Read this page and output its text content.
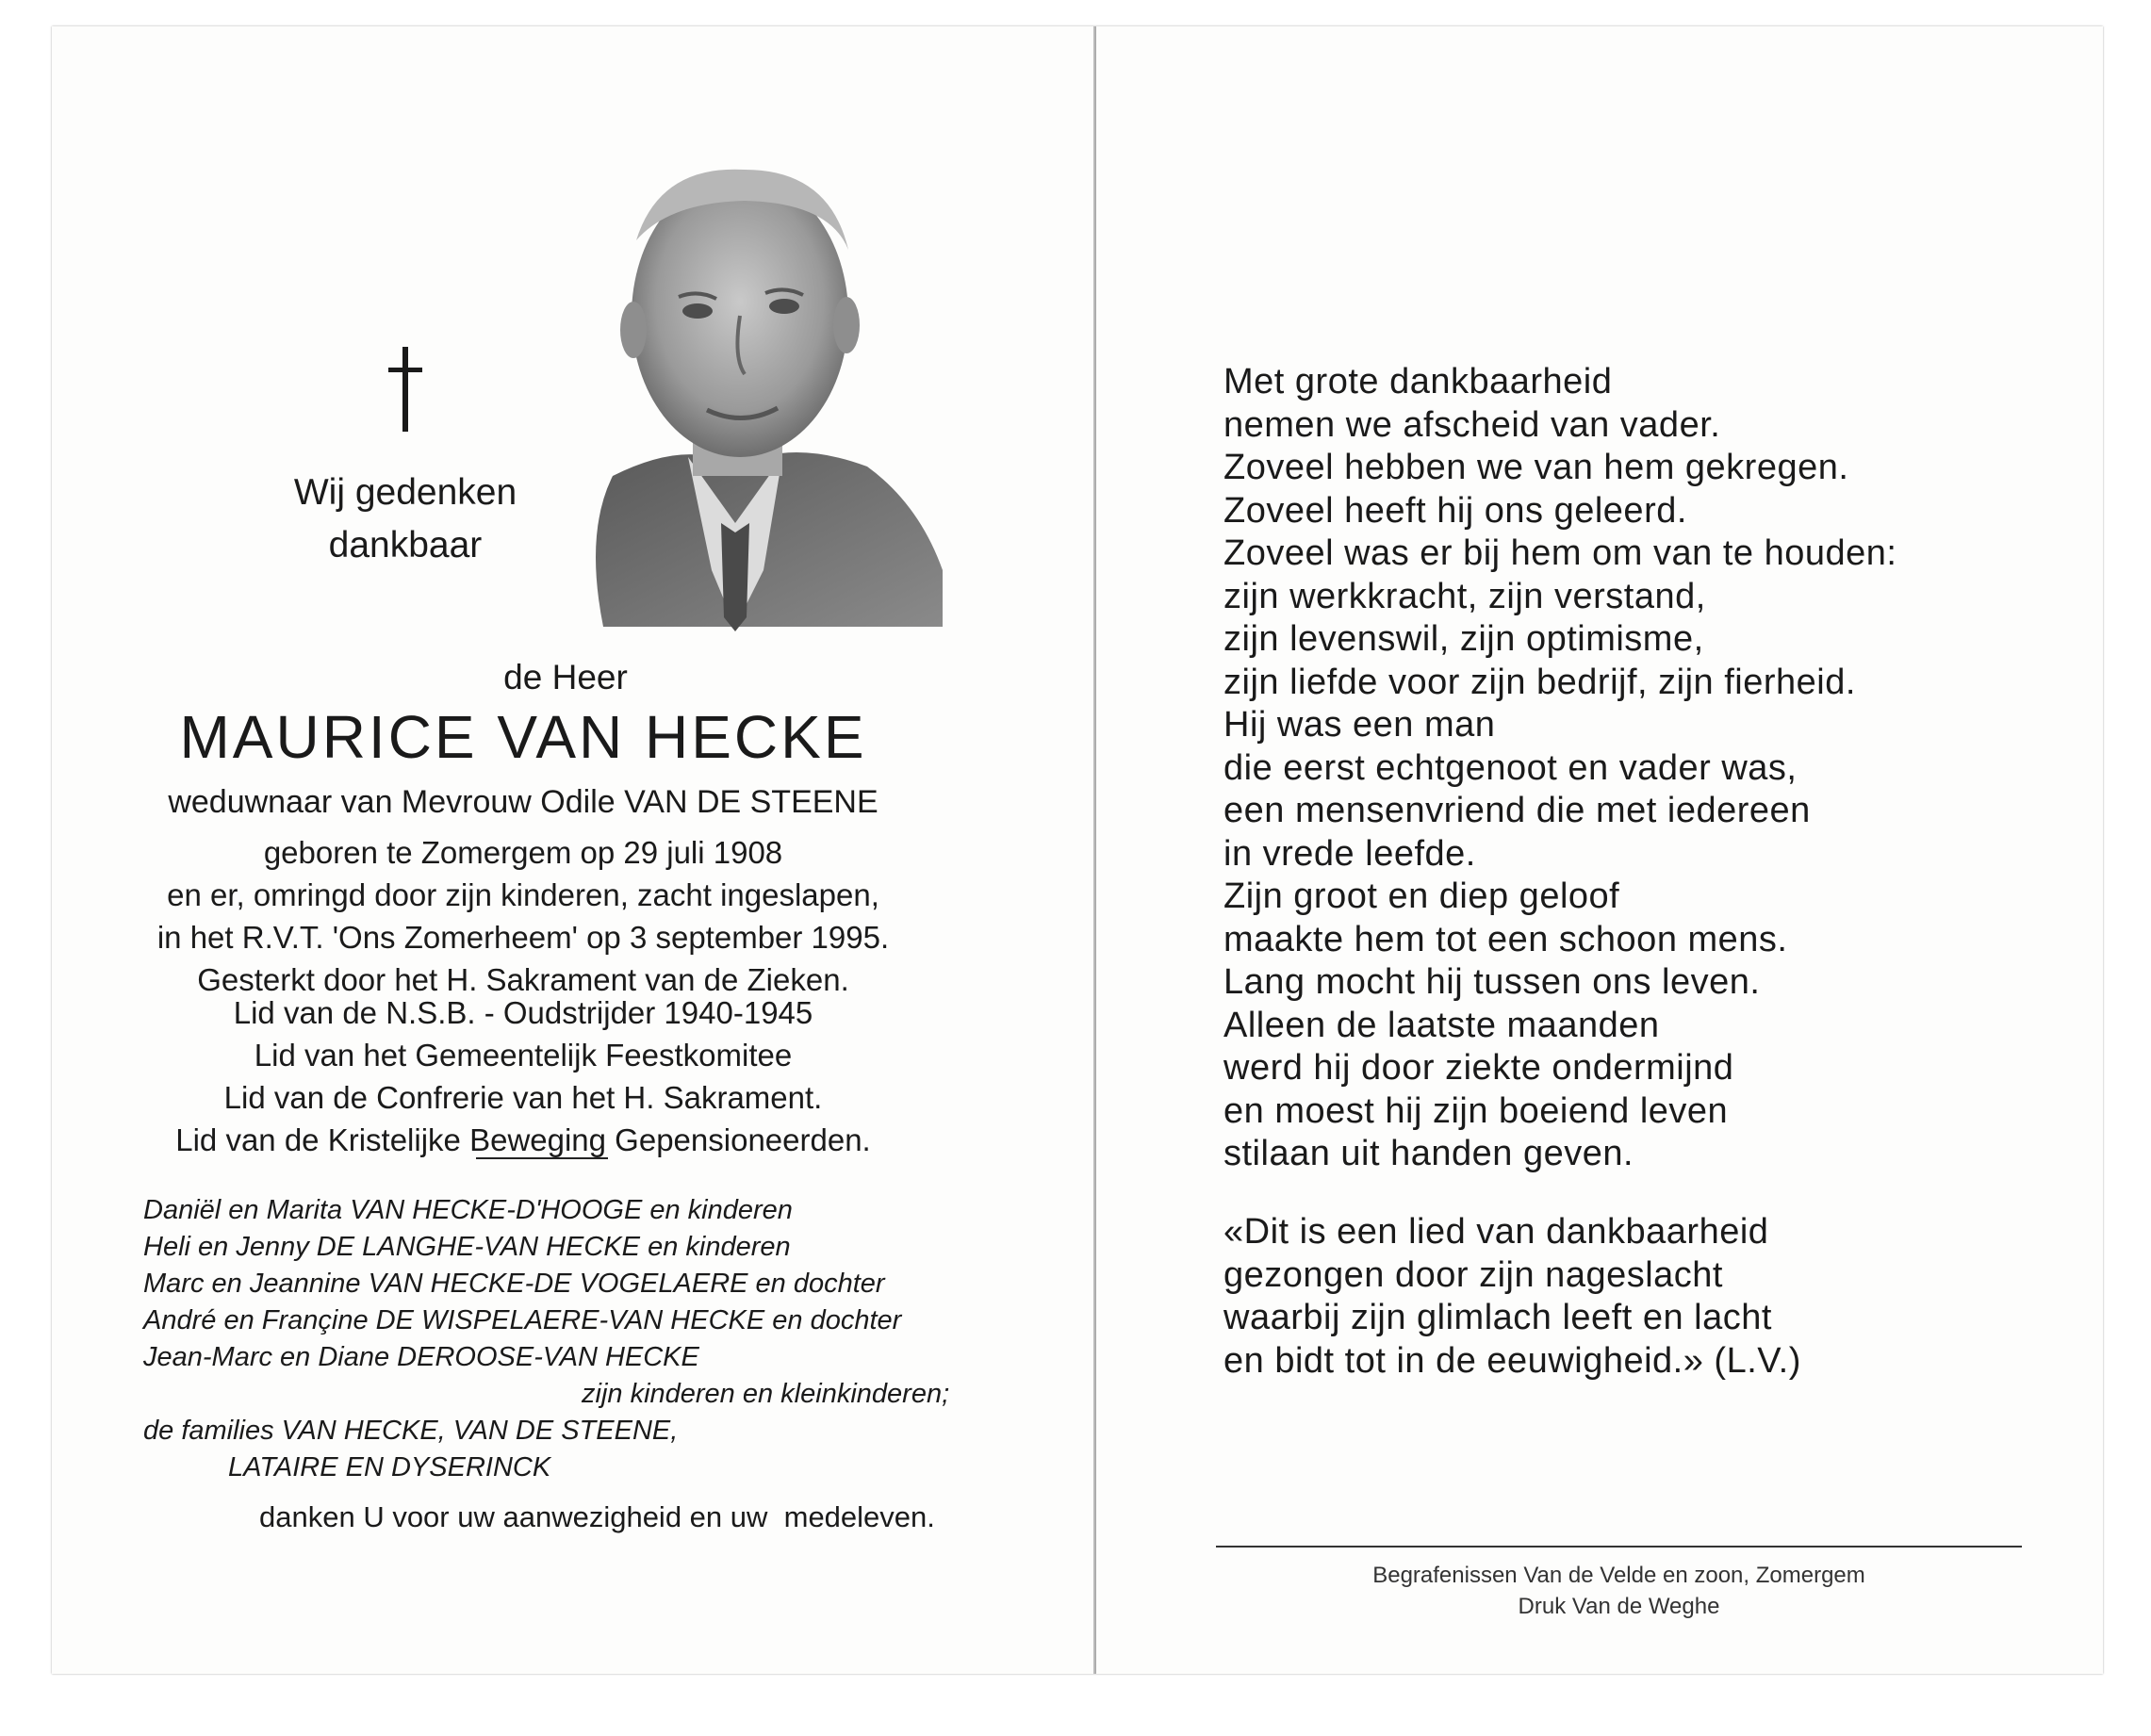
Wij gedenken
dankbaar
de Heer
MAURICE VAN HECKE
weduwnaar van Mevrouw Odile VAN DE STEENE
geboren te Zomergem op 29 juli 1908
en er, omringd door zijn kinderen, zacht ingeslapen,
in het R.V.T. 'Ons Zomerheem' op 3 september 1995.
Gesterkt door het H. Sakrament van de Zieken.
Lid van de N.S.B. - Oudstrijder 1940-1945
Lid van het Gemeentelijk Feestkomitee
Lid van de Confrerie van het H. Sakrament.
Lid van de Kristelijke Beweging Gepensioneerden.
Daniël en Marita VAN HECKE-D'HOOGE en kinderen
Heli en Jenny DE LANGHE-VAN HECKE en kinderen
Marc en Jeannine VAN HECKE-DE VOGELAERE en dochter
André en Françine DE WISPELAERE-VAN HECKE en dochter
Jean-Marc en Diane DEROOSE-VAN HECKE
zijn kinderen en kleinkinderen;
de families VAN HECKE, VAN DE STEENE,
LATAIRE EN DYSERINCK
danken U voor uw aanwezigheid en uw  medeleven.
Met grote dankbaarheid
nemen we afscheid van vader.
Zoveel hebben we van hem gekregen.
Zoveel heeft hij ons geleerd.
Zoveel was er bij hem om van te houden:
zijn werkkracht, zijn verstand,
zijn levenswil, zijn optimisme,
zijn liefde voor zijn bedrijf, zijn fierheid.
Hij was een man
die eerst echtgenoot en vader was,
een mensenvriend die met iedereen
in vrede leefde.
Zijn groot en diep geloof
maakte hem tot een schoon mens.
Lang mocht hij tussen ons leven.
Alleen de laatste maanden
werd hij door ziekte ondermijnd
en moest hij zijn boeiend leven
stilaan uit handen geven.
«Dit is een lied van dankbaarheid
gezongen door zijn nageslacht
waarbij zijn glimlach leeft en lacht
en bidt tot in de eeuwigheid.» (L.V.)
Begrafenissen Van de Velde en zoon, Zomergem
Druk Van de Weghe
